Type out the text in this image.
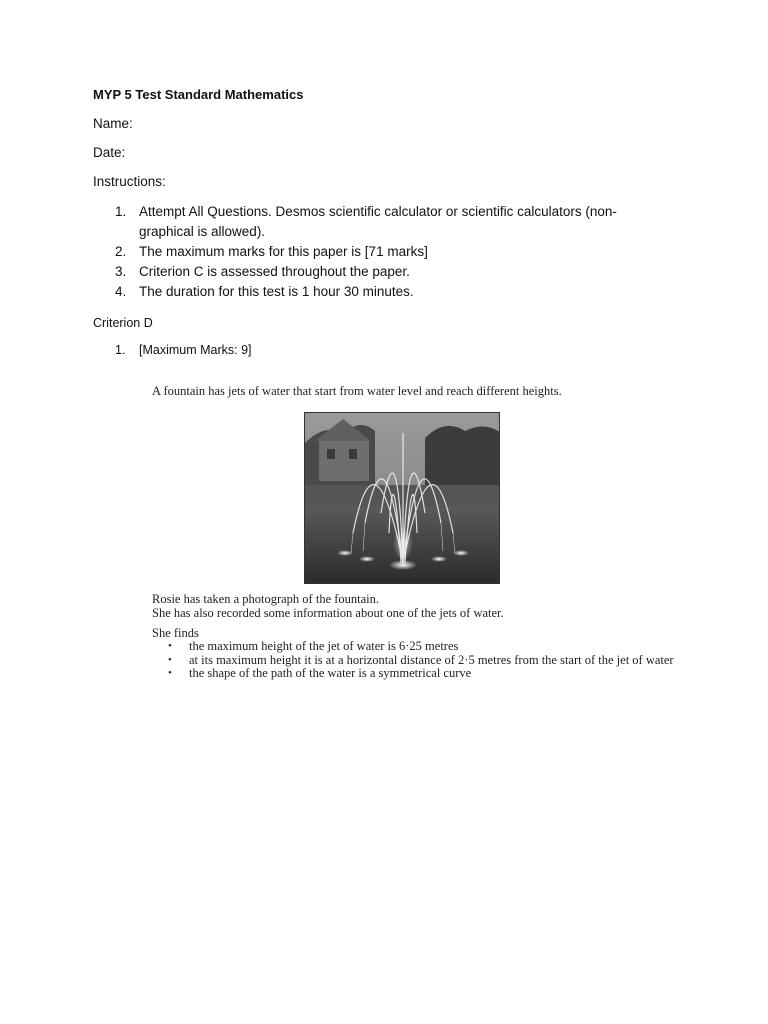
MYP 5 Test Standard Mathematics
Name:
Date:
Instructions:
1. Attempt All Questions. Desmos scientific calculator or scientific calculators (non-graphical is allowed).
2. The maximum marks for this paper is [71 marks]
3. Criterion C is assessed throughout the paper.
4. The duration for this test is 1 hour 30 minutes.
Criterion D
1. [Maximum Marks: 9]
A fountain has jets of water that start from water level and reach different heights.
Rosie has taken a photograph of the fountain.
She has also recorded some information about one of the jets of water.
She finds
• the maximum height of the jet of water is 6·25 metres
• at its maximum height it is at a horizontal distance of 2·5 metres from the start of the jet of water
• the shape of the path of the water is a symmetrical curve
